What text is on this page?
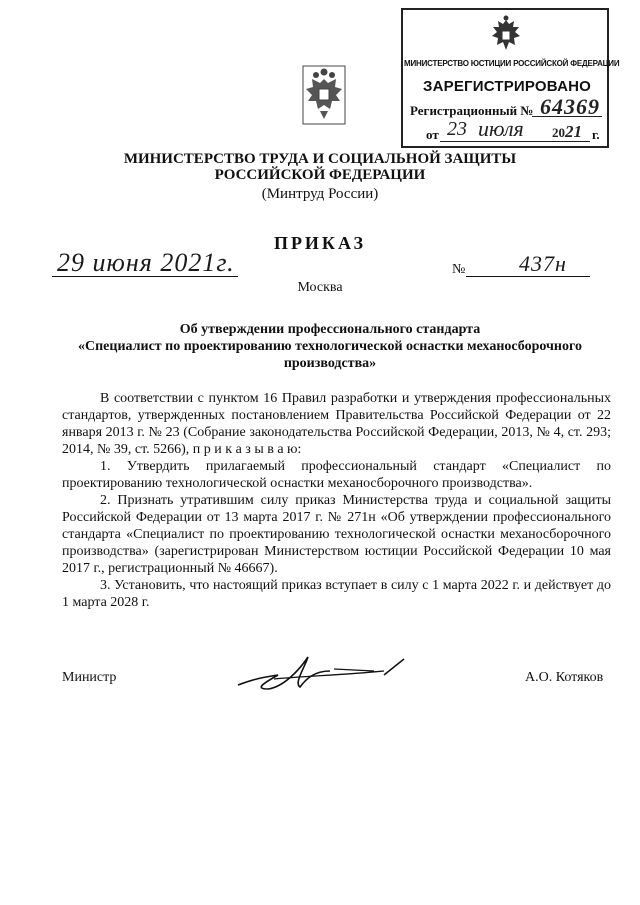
МИНИСТЕРСТВО ЮСТИЦИИ РОССИЙСКОЙ ФЕДЕРАЦИИ
ЗАРЕГИСТРИРОВАНО
Регистрационный № 64369
от 23 июля 2021 г.
МИНИСТЕРСТВО ТРУДА И СОЦИАЛЬНОЙ ЗАЩИТЫ
РОССИЙСКОЙ ФЕДЕРАЦИИ
(Минтруд России)
ПРИКАЗ
29 июня 2021г.	№ 437н
Москва
Об утверждении профессионального стандарта
«Специалист по проектированию технологической оснастки механосборочного производства»

В соответствии с пунктом 16 Правил разработки и утверждения профессиональных стандартов, утвержденных постановлением Правительства Российской Федерации от 22 января 2013 г. № 23 (Собрание законодательства Российской Федерации, 2013, № 4, ст. 293; 2014, № 39, ст. 5266), п р и к а з ы в а ю:

1. Утвердить прилагаемый профессиональный стандарт «Специалист по проектированию технологической оснастки механосборочного производства».

2. Признать утратившим силу приказ Министерства труда и социальной защиты Российской Федерации от 13 марта 2017 г. № 271н «Об утверждении профессионального стандарта «Специалист по проектированию технологической оснастки механосборочного производства» (зарегистрирован Министерством юстиции Российской Федерации 10 мая 2017 г., регистрационный № 46667).

3. Установить, что настоящий приказ вступает в силу с 1 марта 2022 г. и действует до 1 марта 2028 г.

Министр	А.О. Котяков
